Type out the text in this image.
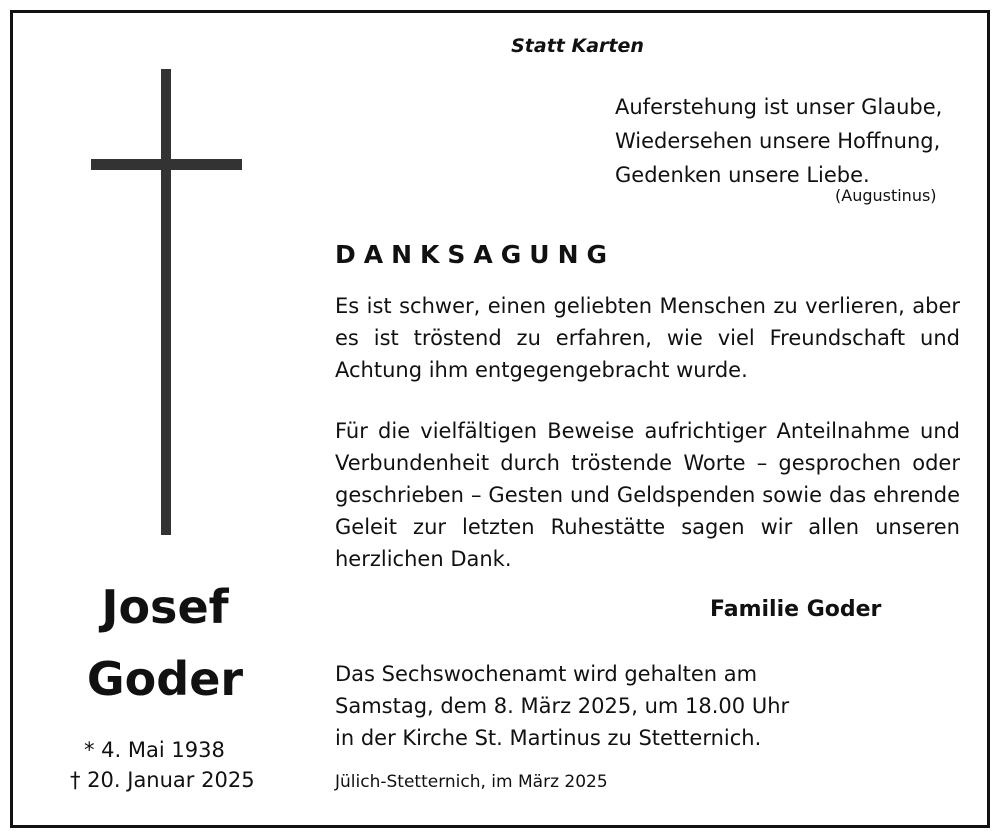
Statt Karten
Auferstehung ist unser Glaube,
Wiedersehen unsere Hoffnung,
Gedenken unsere Liebe.
(Augustinus)
Josef
Goder
* 4. Mai 1938
† 20. Januar 2025
DANKSAGUNG
Es ist schwer, einen geliebten Menschen zu verlieren, aber es ist tröstend zu erfahren, wie viel Freundschaft und Achtung ihm entgegengebracht wurde.
Für die vielfältigen Beweise aufrichtiger Anteilnahme und Verbundenheit durch tröstende Worte – gesprochen oder geschrieben – Gesten und Geldspenden sowie das ehrende Geleit zur letzten Ruhestätte sagen wir allen unseren herzlichen Dank.
Familie Goder
Das Sechswochenamt wird gehalten am
Samstag, dem 8. März 2025, um 18.00 Uhr
in der Kirche St. Martinus zu Stetternich.
Jülich-Stetternich, im März 2025
